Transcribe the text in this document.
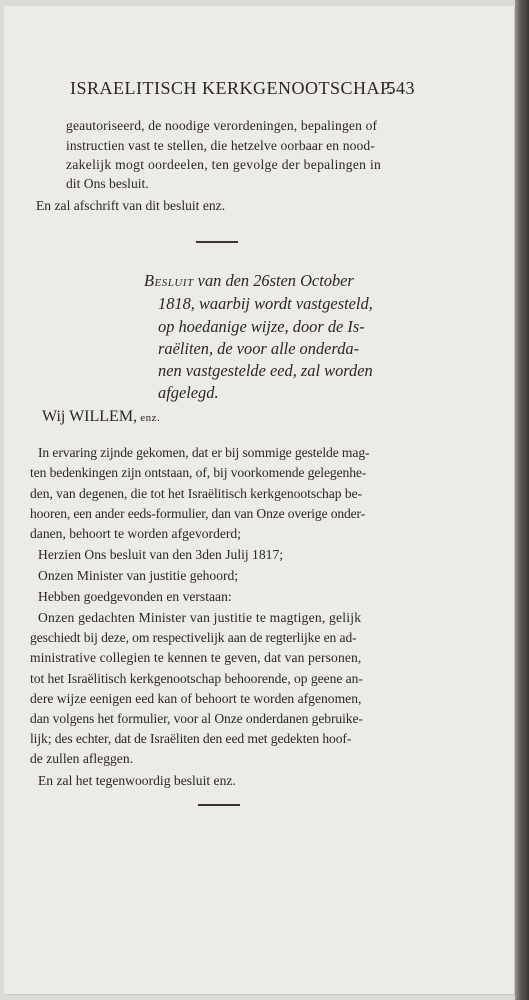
ISRAELITISCH KERKGENOOTSCHAP.
543
geautoriseerd, de noodige verordeningen, bepalingen of
instructien vast te stellen, die hetzelve oorbaar en nood-
zakelijk mogt oordeelen, ten gevolge der bepalingen in
dit Ons besluit.
En zal afschrift van dit besluit enz.
Besluit van den 26sten October
1818, waarbij wordt vastgesteld,
op hoedanige wijze, door de Is-
raëliten, de voor alle onderda-
nen vastgestelde eed, zal worden
afgelegd.
Wij WILLEM, enz.
In ervaring zijnde gekomen, dat er bij sommige gestelde mag-
ten bedenkingen zijn ontstaan, of, bij voorkomende gelegenhe-
den, van degenen, die tot het Israëlitisch kerkgenootschap be-
hooren, een ander eeds-formulier, dan van Onze overige onder-
danen, behoort te worden afgevorderd;
Herzien Ons besluit van den 3den Julij 1817;
Onzen Minister van justitie gehoord;
Hebben goedgevonden en verstaan:
Onzen gedachten Minister van justitie te magtigen, gelijk
geschiedt bij deze, om respectivelijk aan de regterlijke en ad-
ministrative collegien te kennen te geven, dat van personen,
tot het Israëlitisch kerkgenootschap behoorende, op geene an-
dere wijze eenigen eed kan of behoort te worden afgenomen,
dan volgens het formulier, voor al Onze onderdanen gebruike-
lijk; des echter, dat de Israëliten den eed met gedekten hoof-
de zullen afleggen.
En zal het tegenwoordig besluit enz.
